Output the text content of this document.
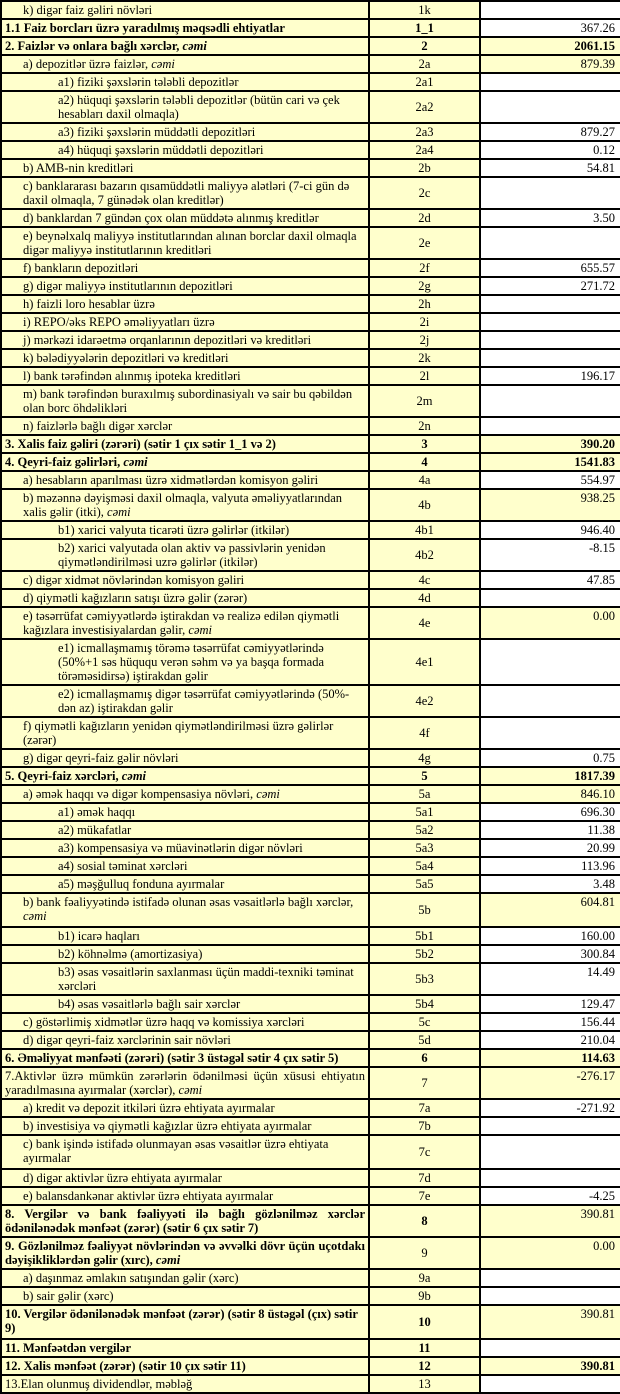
k) digər faiz gəliri növləri	1k	
1.1 Faiz borcları üzrə yaradılmış məqsədli ehtiyatlar	1_1	367.26
2. Faizlər və onlara bağlı xərclər, cəmi	2	2061.15
a) depozitlər üzrə faizlər, cəmi	2a	879.39
a1) fiziki şəxslərin tələbli depozitlər	2a1	
a2) hüquqi şəxslərin tələbli depozitlər (bütün cari və çek hesabları daxil olmaqla)	2a2	
a3) fiziki şəxslərin müddətli depozitləri	2a3	879.27
a4) hüquqi şəxslərin müddətli depozitləri	2a4	0.12
b) AMB-nin kreditləri	2b	54.81
c) banklararası bazarın qısamüddətli maliyyə alətləri (7-ci gün də daxil olmaqla, 7 günədək olan kreditlər)	2c	
d) banklardan 7 gündən çox olan müddətə alınmış kreditlər	2d	3.50
e) beynəlxalq maliyyə institutlarından alınan borclar daxil olmaqla digər maliyyə institutlarının kreditləri	2e	
f) bankların depozitləri	2f	655.57
g) digər maliyyə institutlarının depozitləri	2g	271.72
h) faizli loro hesablar üzrə	2h	
i) REPO/əks REPO əməliyyatları üzrə	2i	
j) mərkəzi idarəetmə orqanlarının depozitləri və kreditləri	2j	
k) bələdiyyələrin depozitləri və kreditləri	2k	
l) bank tərəfindən alınmış ipoteka kreditləri	2l	196.17
m) bank tərəfindən buraxılmış subordinasiyalı və sair bu qəbildən olan borc öhdəlikləri	2m	
n) faizlərlə bağlı digər xərclər	2n	
3. Xalis faiz gəliri (zərəri) (sətir 1 çıx sətir 1_1 və 2)	3	390.20
4. Qeyri-faiz gəlirləri, cəmi	4	1541.83
a) hesabların aparılması üzrə xidmətlərdən komisyon gəliri	4a	554.97
b) məzənnə dəyişməsi daxil olmaqla, valyuta əməliyyatlarından xalis gəlir (itki), cəmi	4b	938.25
b1) xarici valyuta ticarəti üzrə gəlirlər (itkilər)	4b1	946.40
b2) xarici valyutada olan aktiv və passivlərin yenidən qiymətləndirilməsi uzrə gəlirlər (itkilər)	4b2	-8.15
c) digər xidmət növlərindən komisyon gəliri	4c	47.85
d) qiymətli kağızların satışı üzrə gəlir (zərər)	4d	
e) təsərrüfat cəmiyyətlərdə iştirakdan və realizə edilən qiymətli kağızlara investisiyalardan gəlir, cəmi	4e	0.00
e1) icmallaşmamış törəmə təsərrüfat cəmiyyətlərində (50%+1 səs hüququ verən səhm və ya başqa formada törəməsidirsə) iştirakdan gəlir	4e1	
e2) icmallaşmamış digər təsərrüfat cəmiyyətlərində (50%-dən az) iştirakdan gəlir	4e2	
f) qiymətli kağızların yenidən qiymətləndirilməsi üzrə gəlirlər (zərər)	4f	
g) digər qeyri-faiz gəlir növləri	4g	0.75
5. Qeyri-faiz xərcləri, cəmi	5	1817.39
a) əmək haqqı və digər kompensasiya növləri, cəmi	5a	846.10
a1) əmək haqqı	5a1	696.30
a2) mükafatlar	5a2	11.38
a3) kompensasiya və müavinətlərin digər növləri	5a3	20.99
a4) sosial təminat xərcləri	5a4	113.96
a5) məşğulluq fonduna ayırmalar	5a5	3.48
b) bank fəaliyyətində istifadə olunan əsas vəsaitlərlə bağlı xərclər, cəmi	5b	604.81
b1) icarə haqları	5b1	160.00
b2) köhnəlmə (amortizasiya)	5b2	300.84
b3) əsas vəsaitlərin saxlanması üçün maddi-texniki təminat xərcləri	5b3	14.49
b4) əsas vəsaitlərlə bağlı sair xərclər	5b4	129.47
c) göstərlimiş xidmətlər üzrə haqq və komissiya xərcləri	5c	156.44
d) digər qeyri-faiz xərclərinin sair növləri	5d	210.04
6. Əməliyyat mənfəəti (zərəri) (sətir 3 üstəgəl sətir 4 çıx sətir 5)	6	114.63
7.Aktivlər üzrə mümkün zərərlərin ödənilməsi üçün xüsusi ehtiyatın yaradılmasına ayırmalar (xərclər), cəmi	7	-276.17
a) kredit və depozit itkiləri üzrə ehtiyata ayırmalar	7a	-271.92
b) investisiya və qiymətli kağızlar üzrə ehtiyata ayırmalar	7b	
c) bank işində istifadə olunmayan əsas vəsaitlər üzrə ehtiyata ayırmalar	7c	
d) digər aktivlər üzrə ehtiyata ayırmalar	7d	
e) balansdankənar aktivlər üzrə ehtiyata ayırmalar	7e	-4.25
8. Vergilər və bank fəaliyyəti ilə bağlı gözlənilməz xərclər ödənilənədək mənfəət (zərər) (sətir 6 çıx sətir 7)	8	390.81
9. Gözlənilməz fəaliyyət növlərindən və əvvəlki dövr üçün uçotdakı dəyişikliklərdən gəlir (xırc), cəmi	9	0.00
a) daşınmaz əmlakın satışından gəlir (xərc)	9a	
b) sair gəlir (xərc)	9b	
10. Vergilər ödənilənədək mənfəət (zərər) (sətir 8 üstəgəl (çıx) sətir 9)	10	390.81
11. Mənfəətdən vergilər	11	
12. Xalis mənfəət (zərər) (sətir 10 çıx sətir 11)	12	390.81
13.Elan olunmuş dividendlər, məbləğ	13	
